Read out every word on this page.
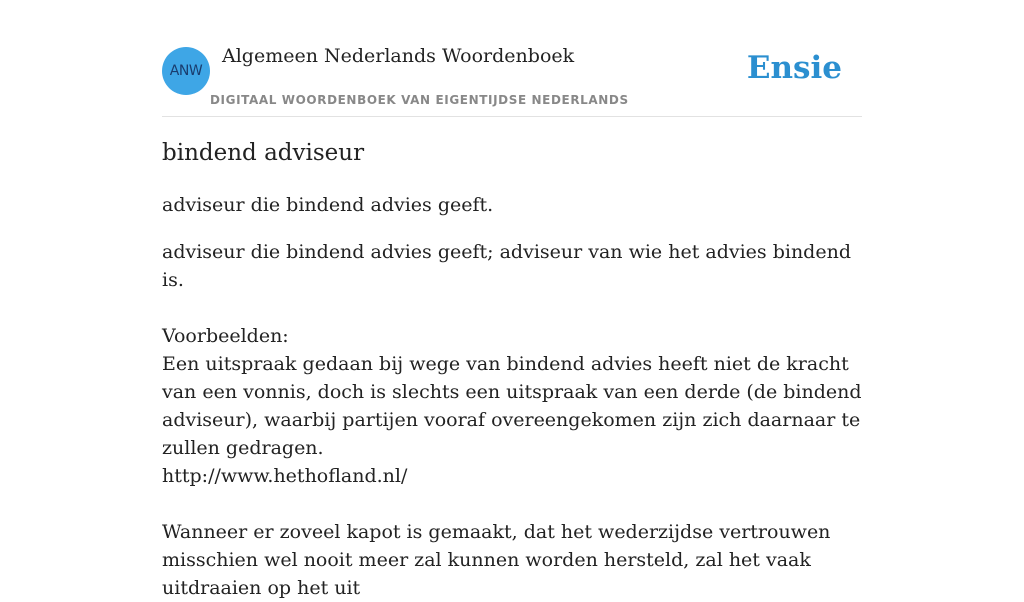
ANW
Algemeen Nederlands Woordenboek
DIGITAAL WOORDENBOEK VAN EIGENTIJDSE NEDERLANDS
Ensie
bindend adviseur
adviseur die bindend advies geeft.

adviseur die bindend advies geeft; adviseur van wie het advies bindend is.

Voorbeelden:

Een uitspraak gedaan bij wege van bindend advies heeft niet de kracht van een vonnis, doch is slechts een uitspraak van een derde (de bindend adviseur), waarbij partijen vooraf overeengekomen zijn zich daarnaar te zullen gedragen.

http://www.hethofland.nl/

Wanneer er zoveel kapot is gemaakt, dat het wederzijdse vertrouwen misschien wel nooit meer zal kunnen worden hersteld, zal het vaak uitdraaien op het uit
